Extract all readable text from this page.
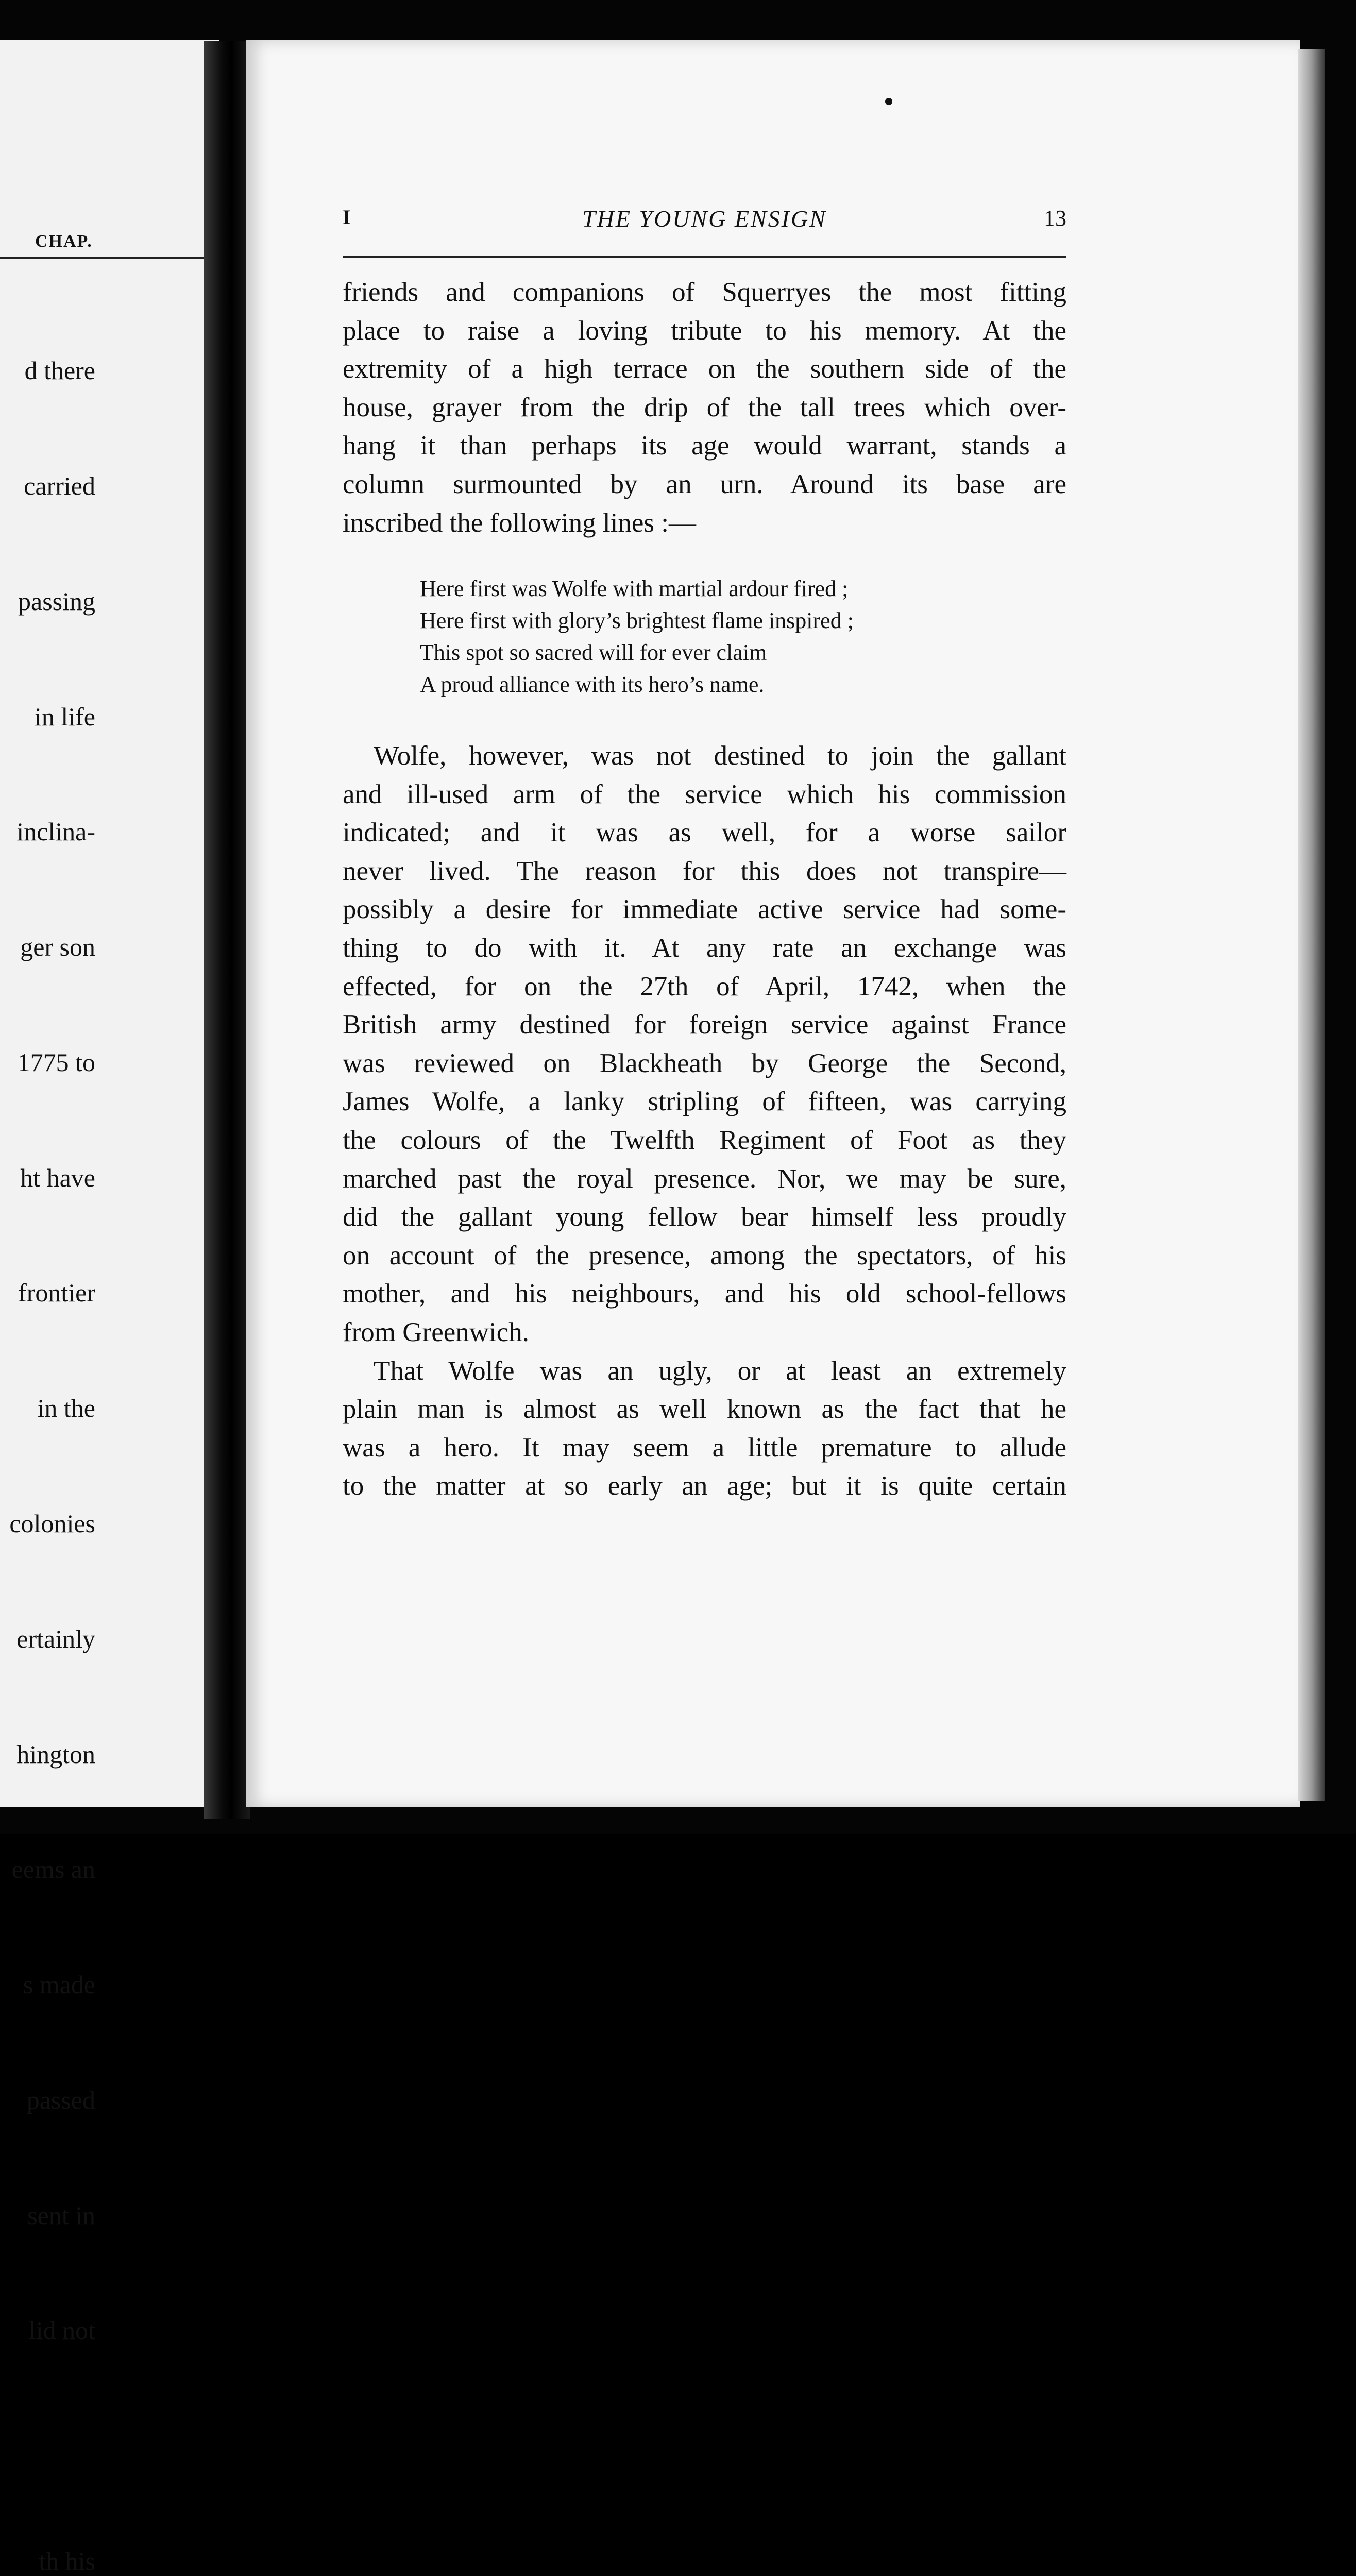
CHAP.

d there

carried

passing

in life

inclina-

ger son

1775 to

ht have

frontier

in the

colonies

ertainly

hington

eems an

s made

passed

sent in

lid not

th his

I	THE YOUNG ENSIGN	13
friends and companions of Squerryes the most fitting
place to raise a loving tribute to his memory. At the
extremity of a high terrace on the southern side of the
house, grayer from the drip of the tall trees which over-
hang it than perhaps its age would warrant, stands a
column surmounted by an urn. Around its base are
inscribed the following lines :—
Here first was Wolfe with martial ardour fired ;
Here first with glory’s brightest flame inspired ;
This spot so sacred will for ever claim
A proud alliance with its hero’s name.
Wolfe, however, was not destined to join the gallant
and ill-used arm of the service which his commission
indicated; and it was as well, for a worse sailor
never lived. The reason for this does not transpire—
possibly a desire for immediate active service had some-
thing to do with it. At any rate an exchange was
effected, for on the 27th of April, 1742, when the
British army destined for foreign service against France
was reviewed on Blackheath by George the Second,
James Wolfe, a lanky stripling of fifteen, was carrying
the colours of the Twelfth Regiment of Foot as they
marched past the royal presence. Nor, we may be sure,
did the gallant young fellow bear himself less proudly
on account of the presence, among the spectators, of his
mother, and his neighbours, and his old school-fellows
from Greenwich.
That Wolfe was an ugly, or at least an extremely
plain man is almost as well known as the fact that he
was a hero. It may seem a little premature to allude
to the matter at so early an age; but it is quite certain
